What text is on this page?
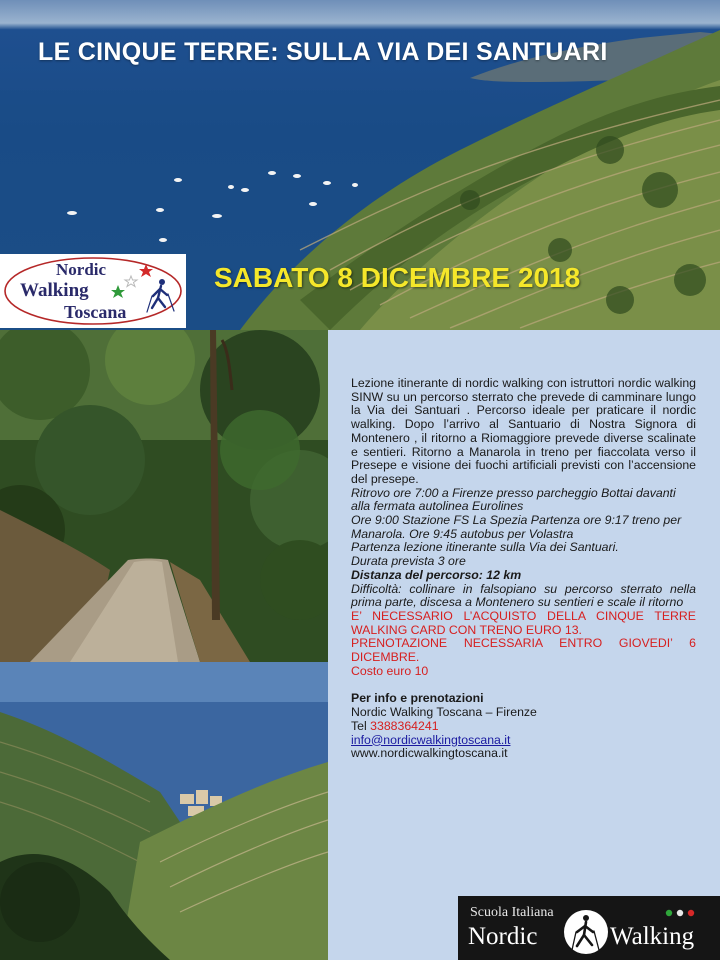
LE CINQUE TERRE: SULLA VIA DEI SANTUARI
SABATO 8 DICEMBRE 2018
Nordic
Walking
Toscana

Lezione itinerante di nordic walking con istruttori nordic walking SINW su un percorso sterrato che prevede di camminare lungo la Via dei Santuari . Percorso ideale per praticare il nordic walking. Dopo l’arrivo al Santuario di Nostra Signora di Montenero , il ritorno a Riomaggiore prevede diverse scalinate e sentieri. Ritorno a Manarola in treno per fiaccolata verso il Presepe e visione dei fuochi artificiali previsti con l’accensione del presepe.

Ritrovo ore 7:00 a Firenze presso parcheggio Bottai davanti alla fermata autolinea Eurolines

Ore 9:00 Stazione FS La Spezia Partenza ore 9:17 treno per Manarola. Ore 9:45 autobus per Volastra

Partenza lezione itinerante sulla Via dei Santuari.

Durata prevista 3 ore

Distanza del percorso: 12 km

Difficoltà: collinare in falsopiano su percorso sterrato nella prima parte, discesa a Montenero su sentieri e scale il ritorno

E’ NECESSARIO L’ACQUISTO DELLA CINQUE TERRE WALKING CARD CON TRENO EURO 13.

PRENOTAZIONE NECESSARIA ENTRO GIOVEDI’ 6 DICEMBRE.

Costo euro 10

Per info e prenotazioni

Nordic Walking Toscana – Firenze

Tel 3388364241

info@nordicwalkingtoscana.it

www.nordicwalkingtoscana.it

Scuola Italiana
Nordic	Walking
